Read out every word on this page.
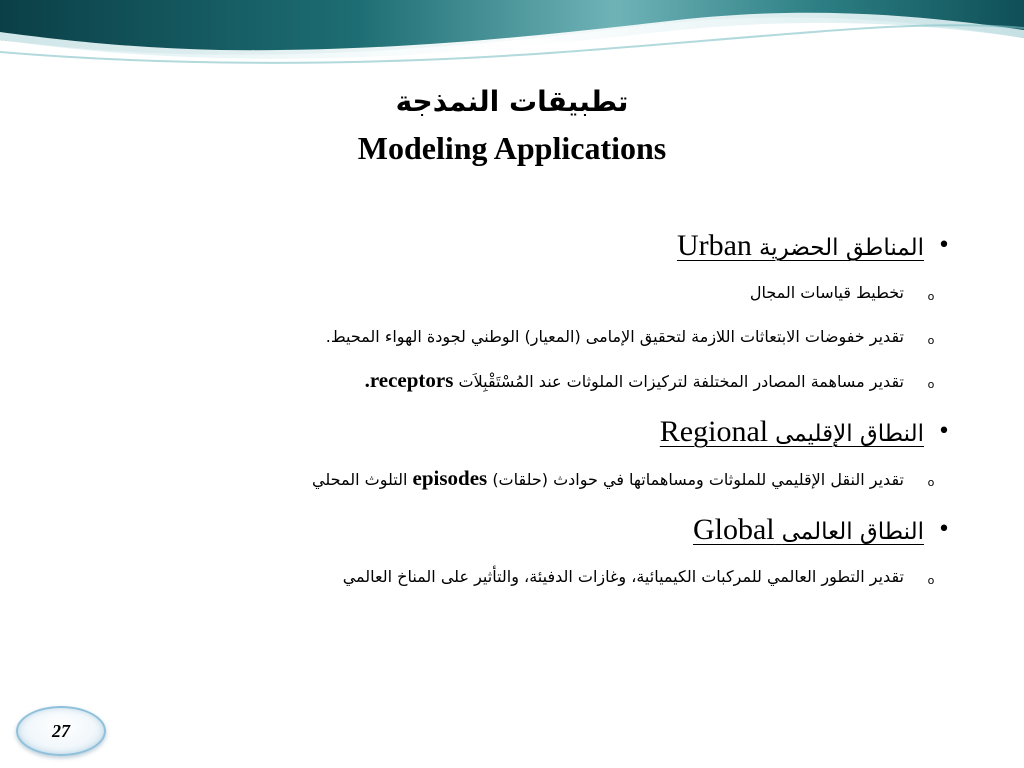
تطبيقات النمذجة
Modeling Applications
•
المناطق الحضرية Urban
o
تخطيط قياسات المجال
o
تقدير خفوضات الابتعاثات اللازمة لتحقيق الإمامى (المعيار) الوطني لجودة الهواء المحيط.
o
تقدير مساهمة المصادر المختلفة لتركيزات الملوثات عند المُسْتَقْبِلاَت receptors.
•
النطاق الإقليمى Regional
o
تقدير النقل الإقليمي للملوثات ومساهماتها في حوادث (حلقات) episodes التلوث المحلي
•
النطاق العالمى Global
o
تقدير التطور العالمي للمركبات الكيميائية، وغازات الدفيئة، والتأثير على المناخ العالمي
27
